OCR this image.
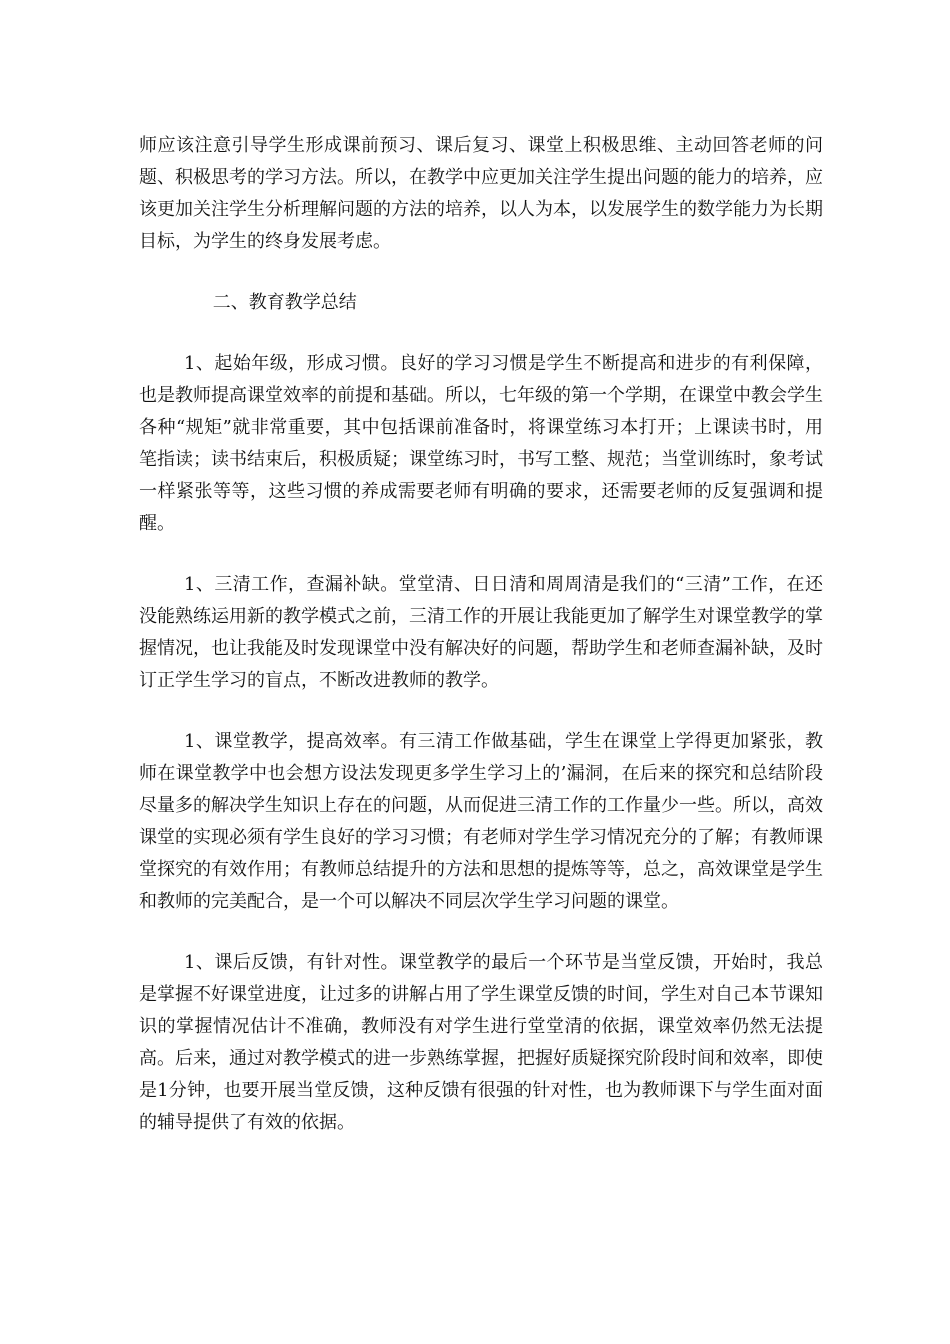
师应该注意引导学生形成课前预习、课后复习、课堂上积极思维、主动回答老师的问题、积极思考的学习方法。所以，在教学中应更加关注学生提出问题的能力的培养，应该更加关注学生分析理解问题的方法的培养，以人为本，以发展学生的数学能力为长期目标，为学生的终身发展考虑。

二、教育教学总结

1、起始年级，形成习惯。良好的学习习惯是学生不断提高和进步的有利保障，也是教师提高课堂效率的前提和基础。所以，七年级的第一个学期，在课堂中教会学生各种“规矩”就非常重要，其中包括课前准备时，将课堂练习本打开；上课读书时，用笔指读；读书结束后，积极质疑；课堂练习时，书写工整、规范；当堂训练时，象考试一样紧张等等，这些习惯的养成需要老师有明确的要求，还需要老师的反复强调和提醒。

1、三清工作，查漏补缺。堂堂清、日日清和周周清是我们的“三清”工作，在还没能熟练运用新的教学模式之前，三清工作的开展让我能更加了解学生对课堂教学的掌握情况，也让我能及时发现课堂中没有解决好的问题，帮助学生和老师查漏补缺，及时订正学生学习的盲点，不断改进教师的教学。

1、课堂教学，提高效率。有三清工作做基础，学生在课堂上学得更加紧张，教师在课堂教学中也会想方设法发现更多学生学习上的’漏洞，在后来的探究和总结阶段尽量多的解决学生知识上存在的问题，从而促进三清工作的工作量少一些。所以，高效课堂的实现必须有学生良好的学习习惯；有老师对学生学习情况充分的了解；有教师课堂探究的有效作用；有教师总结提升的方法和思想的提炼等等，总之，高效课堂是学生和教师的完美配合，是一个可以解决不同层次学生学习问题的课堂。

1、课后反馈，有针对性。课堂教学的最后一个环节是当堂反馈，开始时，我总是掌握不好课堂进度，让过多的讲解占用了学生课堂反馈的时间，学生对自己本节课知识的掌握情况估计不准确，教师没有对学生进行堂堂清的依据，课堂效率仍然无法提高。后来，通过对教学模式的进一步熟练掌握，把握好质疑探究阶段时间和效率，即使是1分钟，也要开展当堂反馈，这种反馈有很强的针对性，也为教师课下与学生面对面的辅导提供了有效的依据。
